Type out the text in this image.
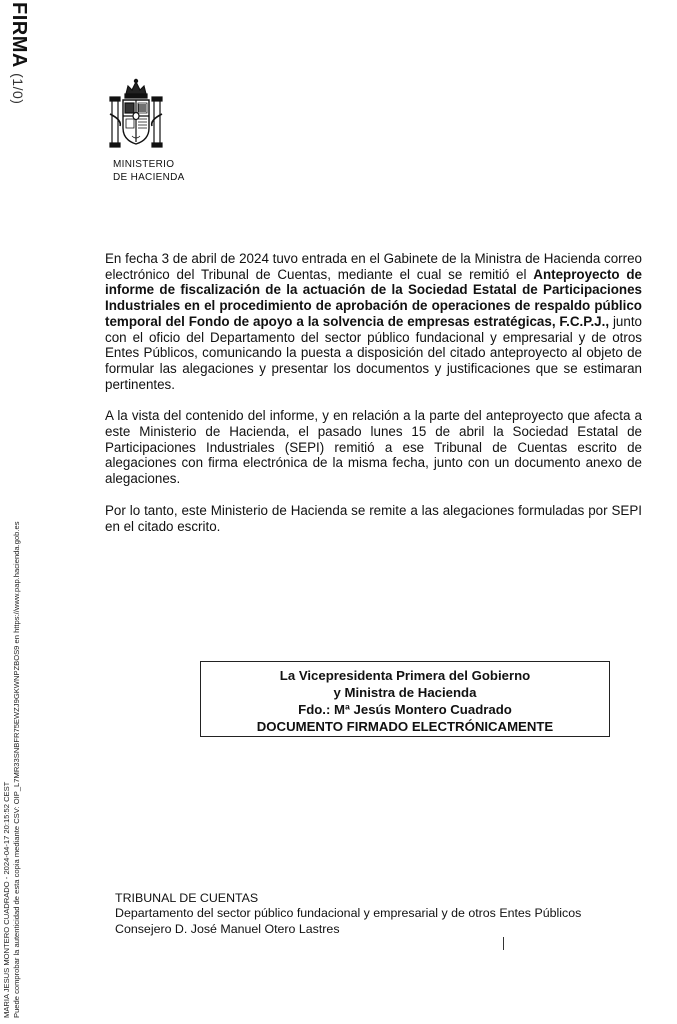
FIRMA (1/0)
MINISTERIO
DE HACIENDA
MARIA JESUS MONTERO CUADRADO - 2024-04-17 20:15:52 CEST Puede comprobar la autenticidad de esta copia mediante CSV: OIP_L7MR33SNBFR75EWZJ9GKWNPZBOS9 en https://www.pap.hacienda.gob.es

En fecha 3 de abril de 2024 tuvo entrada en el Gabinete de la Ministra de Hacienda correo electrónico del Tribunal de Cuentas, mediante el cual se remitió el Anteproyecto de informe de fiscalización de la actuación de la Sociedad Estatal de Participaciones Industriales en el procedimiento de aprobación de operaciones de respaldo público temporal del Fondo de apoyo a la solvencia de empresas estratégicas, F.C.P.J., junto con el oficio del Departamento del sector público fundacional y empresarial y de otros Entes Públicos, comunicando la puesta a disposición del citado anteproyecto al objeto de formular las alegaciones y presentar los documentos y justificaciones que se estimaran pertinentes.

A la vista del contenido del informe, y en relación a la parte del anteproyecto que afecta a este Ministerio de Hacienda, el pasado lunes 15 de abril la Sociedad Estatal de Participaciones Industriales (SEPI) remitió a ese Tribunal de Cuentas escrito de alegaciones con firma electrónica de la misma fecha, junto con un documento anexo de alegaciones.

Por lo tanto, este Ministerio de Hacienda se remite a las alegaciones formuladas por SEPI en el citado escrito.

La Vicepresidenta Primera del Gobierno
y Ministra de Hacienda
Fdo.: Mª Jesús Montero Cuadrado
DOCUMENTO FIRMADO ELECTRÓNICAMENTE
TRIBUNAL DE CUENTAS
Departamento del sector público fundacional y empresarial y de otros Entes Públicos
Consejero D. José Manuel Otero Lastres
